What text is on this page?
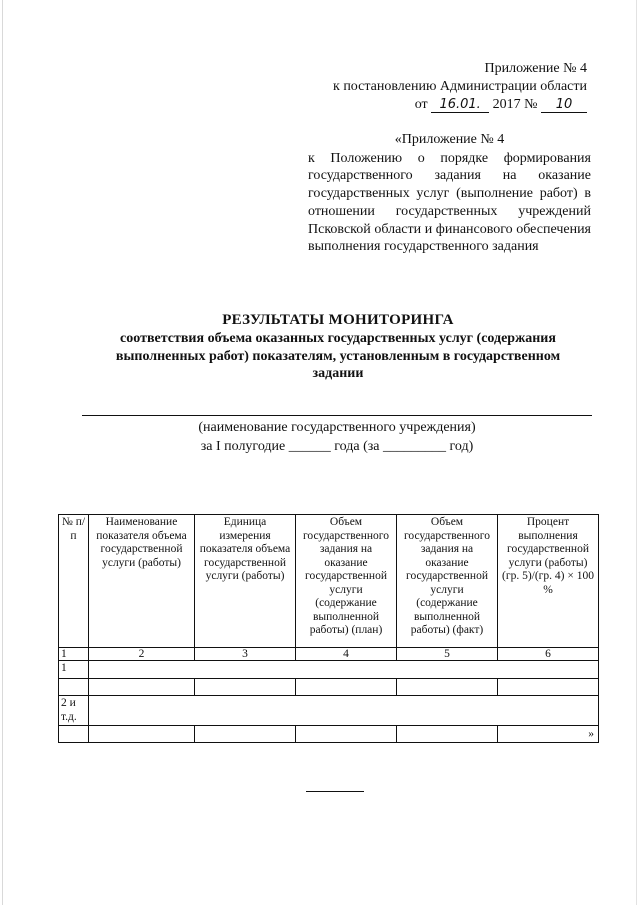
Приложение № 4
к постановлению Администрации области
от 16.01. 2017 № 10
«Приложение № 4
к Положению о порядке формирования государственного задания на оказание государственных услуг (выполнение работ) в отношении государственных учреждений Псковской области и финансового обеспечения выполнения государственного задания
РЕЗУЛЬТАТЫ МОНИТОРИНГА
соответствия объема оказанных государственных услуг (содержания выполненных работ) показателям, установленным в государственном задании
(наименование государственного учреждения)
за I полугодие ______ года (за _________ год)
№ п/п	Наименование показателя объема государственной услуги (работы)	Единица измерения показателя объема государственной услуги (работы)	Объем государственного задания на оказание государственной услуги (содержание выполненной работы) (план)	Объем государственного задания на оказание государственной услуги (содержание выполненной работы) (факт)	Процент выполнения государственной услуги (работы) (гр. 5)/(гр. 4) × 100 %
1	2	3	4	5	6
1					

2 и т.д.					
					»
